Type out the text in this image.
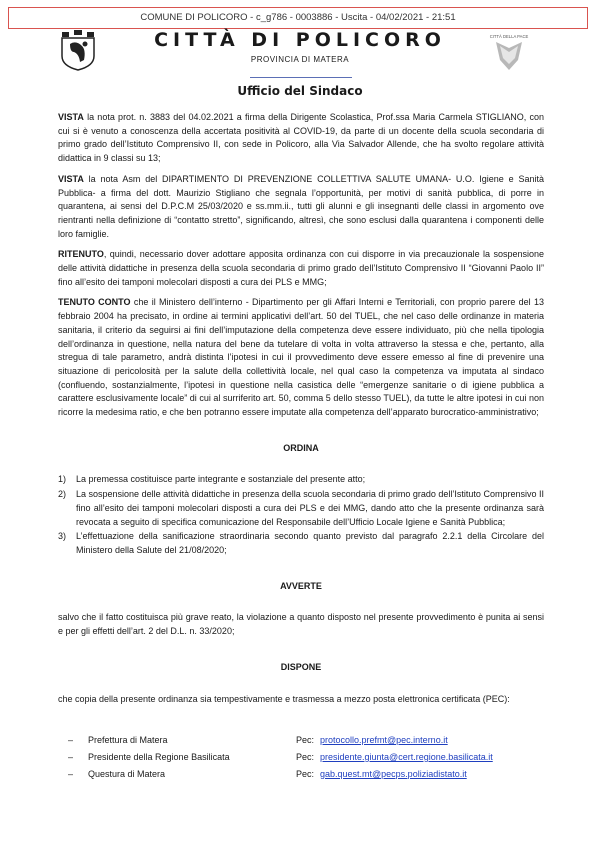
COMUNE DI POLICORO - c_g786 - 0003886 - Uscita - 04/02/2021 - 21:51
CITTÀ DI POLICORO
PROVINCIA DI MATERA
CITTÀ DELLA PACE
Ufficio del Sindaco

VISTA la nota prot. n. 3883 del 04.02.2021 a firma della Dirigente Scolastica, Prof.ssa Maria Carmela STIGLIANO, con cui si è venuto a conoscenza della accertata positività al COVID-19, da parte di un docente della scuola secondaria di primo grado dell’Istituto Comprensivo II, con sede in Policoro, alla Via Salvador Allende, che ha svolto regolare attività didattica in 9 classi su 13;

VISTA la nota Asm del DIPARTIMENTO DI PREVENZIONE COLLETTIVA SALUTE UMANA- U.O. Igiene e Sanità Pubblica- a firma del dott. Maurizio Stigliano che segnala l’opportunità, per motivi di sanità pubblica, di porre in quarantena, ai sensi del D.P.C.M 25/03/2020 e ss.mm.ii., tutti gli alunni e gli insegnanti delle classi in argomento ove rientranti nella definizione di “contatto stretto”, significando, altresì, che sono esclusi dalla quarantena i componenti delle loro famiglie.

RITENUTO, quindi, necessario dover adottare apposita ordinanza con cui disporre in via precauzionale la sospensione delle attività didattiche in presenza della scuola secondaria di primo grado dell’Istituto Comprensivo II “Giovanni Paolo II” fino all’esito dei tamponi molecolari disposti a cura dei PLS e MMG;

TENUTO CONTO che il Ministero dell’interno - Dipartimento per gli Affari Interni e Territoriali, con proprio parere del 13 febbraio 2004 ha precisato, in ordine ai termini applicativi dell’art. 50 del TUEL, che nel caso delle ordinanze in materia sanitaria, il criterio da seguirsi ai fini dell’imputazione della competenza deve essere individuato, più che nella tipologia dell’ordinanza in questione, nella natura del bene da tutelare di volta in volta attraverso la stessa e che, pertanto, alla stregua di tale parametro, andrà distinta l’ipotesi in cui il provvedimento deve essere emesso al fine di prevenire una situazione di pericolosità per la salute della collettività locale, nel qual caso la competenza va imputata al sindaco (confluendo, sostanzialmente, l’ipotesi in questione nella casistica delle “emergenze sanitarie o di igiene pubblica a carattere esclusivamente locale” di cui al surriferito art. 50, comma 5 dello stesso TUEL), da tutte le altre ipotesi in cui non ricorre la medesima ratio, e che ben potranno essere imputate alla competenza dell’apparato burocratico-amministrativo;

ORDINA
1) La premessa costituisce parte integrante e sostanziale del presente atto;
2) La sospensione delle attività didattiche in presenza della scuola secondaria di primo grado dell’Istituto Comprensivo II fino all’esito dei tamponi molecolari disposti a cura dei PLS e dei MMG, dando atto che la presente ordinanza sarà revocata a seguito di specifica comunicazione del Responsabile dell’Ufficio Locale Igiene e Sanità Pubblica;
3) L’effettuazione della sanificazione straordinaria secondo quanto previsto dal paragrafo 2.2.1 della Circolare del Ministero della Salute del 21/08/2020;
AVVERTE

salvo che il fatto costituisca più grave reato, la violazione a quanto disposto nel presente provvedimento è punita ai sensi e per gli effetti dell’art. 2 del D.L. n. 33/2020;

DISPONE

che copia della presente ordinanza sia tempestivamente e trasmessa a mezzo posta elettronica certificata (PEC):

–	Prefettura di Matera	Pec: protocollo.prefmt@pec.interno.it
–	Presidente della Regione Basilicata	Pec: presidente.giunta@cert.regione.basilicata.it
–	Questura di Matera	Pec: gab.quest.mt@pecps.poliziadistato.it
